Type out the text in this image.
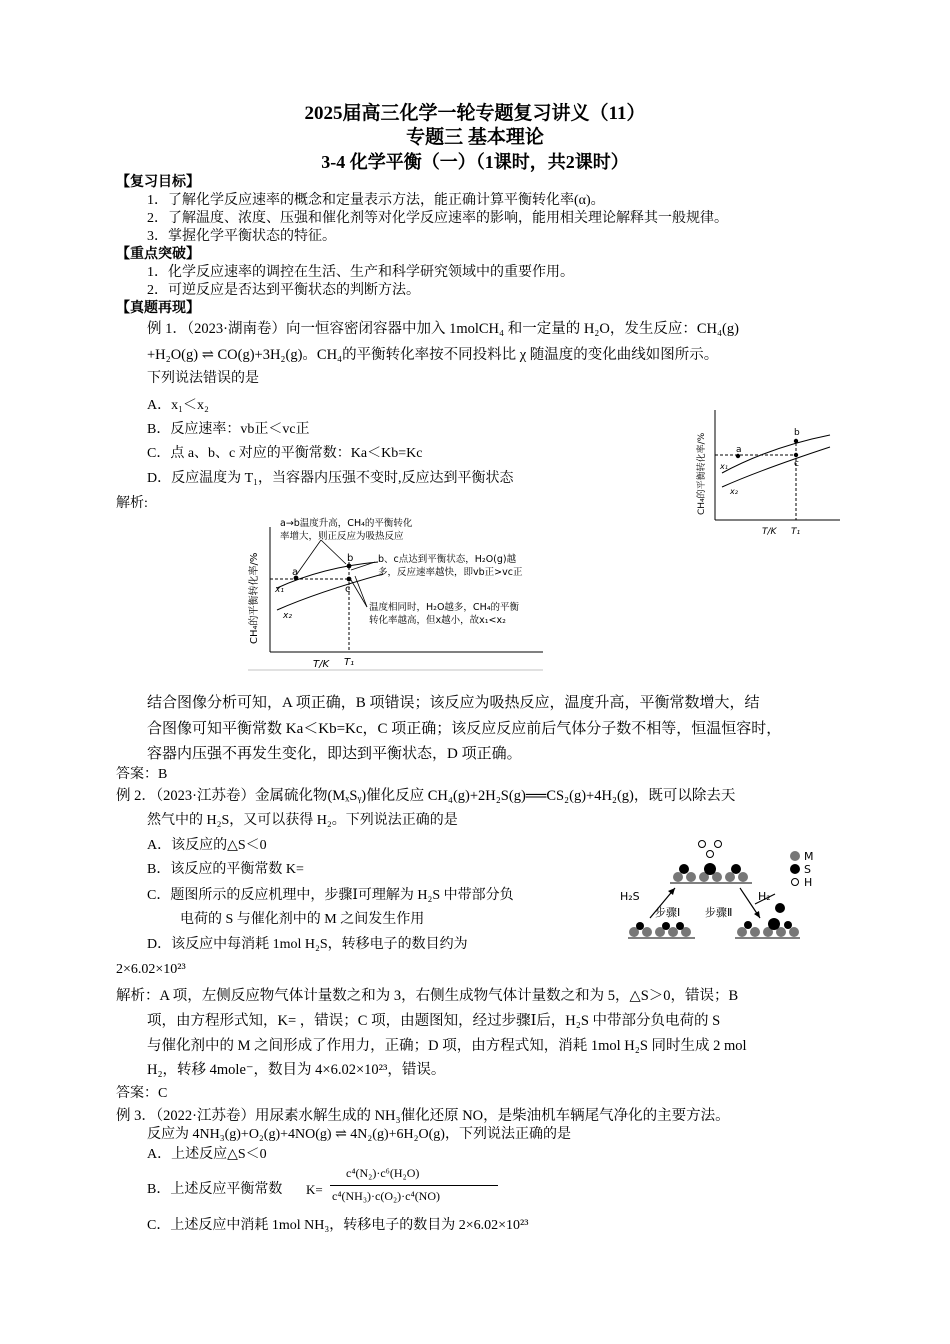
2025届高三化学一轮专题复习讲义（11）
专题三 基本理论
3-4 化学平衡（一）（1课时，共2课时）
【复习目标】
1．了解化学反应速率的概念和定量表示方法，能正确计算平衡转化率(α)。
2．了解温度、浓度、压强和催化剂等对化学反应速率的影响，能用相关理论解释其一般规律。
3．掌握化学平衡状态的特征。
【重点突破】
1．化学反应速率的调控在生活、生产和科学研究领域中的重要作用。
2．可逆反应是否达到平衡状态的判断方法。
【真题再现】
例 1．（2023·湖南卷）向一恒容密闭容器中加入 1molCH₄ 和一定量的 H₂O，发生反应：CH₄(g)
+H₂O(g) ⇌ CO(g)+3H₂(g)。CH₄的平衡转化率按不同投料比 χ 随温度的变化曲线如图所示。
下列说法错误的是
A．x₁＜x₂
B．反应速率：vb正＜vc正
C．点 a、b、c 对应的平衡常数：Ka＜Kb=Kc
D．反应温度为 T₁，当容器内压强不变时,反应达到平衡状态
解析:
a
b
c
x₁
x₂
T₁
T/K
CH₄的平衡转化率/%
a
b
c
x₁
x₂
T₁
T/K
CH₄的平衡转化率/%
a→b温度升高，CH₄的平衡转化
率增大，则正反应为吸热反应
b、c点达到平衡状态，H₂O(g)越
多，反应速率越快，即vb正>vc正
温度相同时，H₂O越多，CH₄的平衡
转化率越高，但x越小，故x₁<x₂
结合图像分析可知，A 项正确，B 项错误；该反应为吸热反应，温度升高，平衡常数增大，结
合图像可知平衡常数 Ka＜Kb=Kc，C 项正确；该反应反应前后气体分子数不相等，恒温恒容时，
容器内压强不再发生变化，即达到平衡状态，D 项正确。
答案：B
例 2．（2023·江苏卷）金属硫化物(MₓSᵧ)催化反应 CH₄(g)+2H₂S(g)══CS₂(g)+4H₂(g)，既可以除去天
然气中的 H₂S，又可以获得 H₂。下列说法正确的是
A．该反应的△S＜0
B．该反应的平衡常数 K=
C．题图所示的反应机理中，步骤Ⅰ可理解为 H₂S 中带部分负
电荷的 S 与催化剂中的 M 之间发生作用
D．该反应中每消耗 1mol H₂S，转移电子的数目约为
2×6.02×10²³
H₂S	H₂
步骤Ⅰ 步骤Ⅱ
M
S
H
解析：A 项，左侧反应物气体计量数之和为 3，右侧生成物气体计量数之和为 5，△S＞0，错误；B
项，由方程形式知，K= ，错误；C 项，由题图知，经过步骤Ⅰ后，H₂S 中带部分负电荷的 S
与催化剂中的 M 之间形成了作用力，正确；D 项，由方程式知，消耗 1mol H₂S 同时生成 2 mol
H₂，转移 4mole⁻，数目为 4×6.02×10²³，错误。
答案：C
例 3．（2022·江苏卷）用尿素水解生成的 NH₃催化还原 NO，是柴油机车辆尾气净化的主要方法。
反应为 4NH₃(g)+O₂(g)+4NO(g) ⇌ 4N₂(g)+6H₂O(g)，下列说法正确的是
A．上述反应△S＜0
B．上述反应平衡常数 K=
c⁴(N₂)·c⁶(H₂O)
c⁴(NH₃)·c(O₂)·c⁴(NO)
C．上述反应中消耗 1mol NH₃，转移电子的数目为 2×6.02×10²³
